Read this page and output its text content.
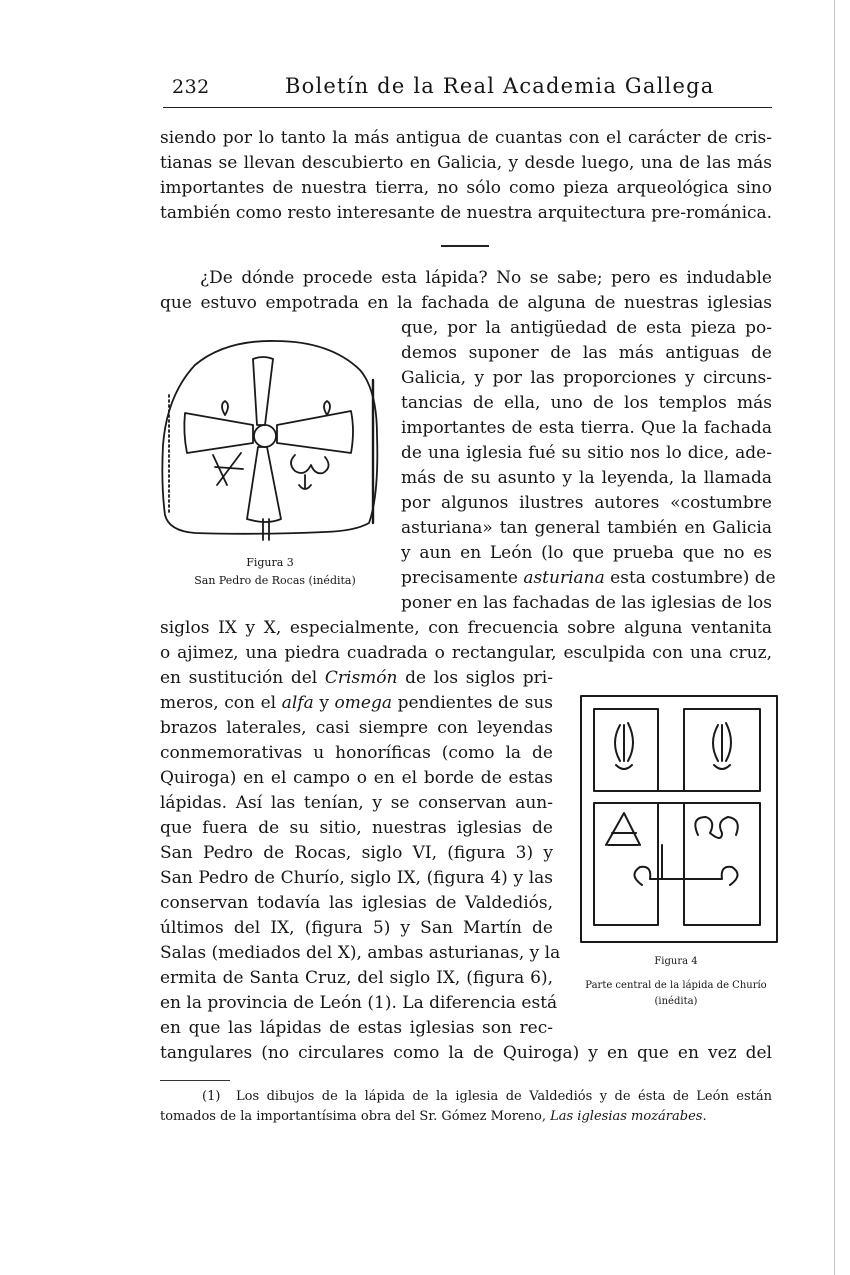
232	Boletín de la Real Academia Gallega
siendo por lo tanto la más antigua de cuantas con el carácter de cris-
tianas se llevan descubierto en Galicia, y desde luego, una de las más
importantes de nuestra tierra, no sólo como pieza arqueológica sino
también como resto interesante de nuestra arquitectura pre-románica.
¿De dónde procede esta lápida? No se sabe; pero es indudable
que estuvo empotrada en la fachada de alguna de nuestras iglesias
que, por la antigüedad de esta pieza po-
demos suponer de las más antiguas de
Galicia, y por las proporciones y circuns-
tancias de ella, uno de los templos más
importantes de esta tierra. Que la fachada
de una iglesia fué su sitio nos lo dice, ade-
más de su asunto y la leyenda, la llamada
por algunos ilustres autores «costumbre
asturiana» tan general también en Galicia
y aun en León (lo que prueba que no es
precisamente asturiana esta costumbre) de
poner en las fachadas de las iglesias de los
siglos IX y X, especialmente, con frecuencia sobre alguna ventanita
o ajimez, una piedra cuadrada o rectangular, esculpida con una cruz,
en sustitución del Crismón de los siglos pri-
meros, con el alfa y omega pendientes de sus
brazos laterales, casi siempre con leyendas
conmemorativas u honoríficas (como la de
Quiroga) en el campo o en el borde de estas
lápidas. Así las tenían, y se conservan aun-
que fuera de su sitio, nuestras iglesias de
San Pedro de Rocas, siglo VI, (figura 3) y
San Pedro de Churío, siglo IX, (figura 4) y las
conservan todavía las iglesias de Valdediós,
últimos del IX, (figura 5) y San Martín de
Salas (mediados del X), ambas asturianas, y la
ermita de Santa Cruz, del siglo IX, (figura 6),
en la provincia de León (1). La diferencia está
en que las lápidas de estas iglesias son rec-
tangulares (no circulares como la de Quiroga) y en que en vez del
Figura 3
San Pedro de Rocas (inédita)
Figura 4
Parte central de la lápida de Churío
(inédita)
(1) Los dibujos de la lápida de la iglesia de Valdediós y de ésta de León están
tomados de la importantísima obra del Sr. Gómez Moreno, Las iglesias mozárabes.
